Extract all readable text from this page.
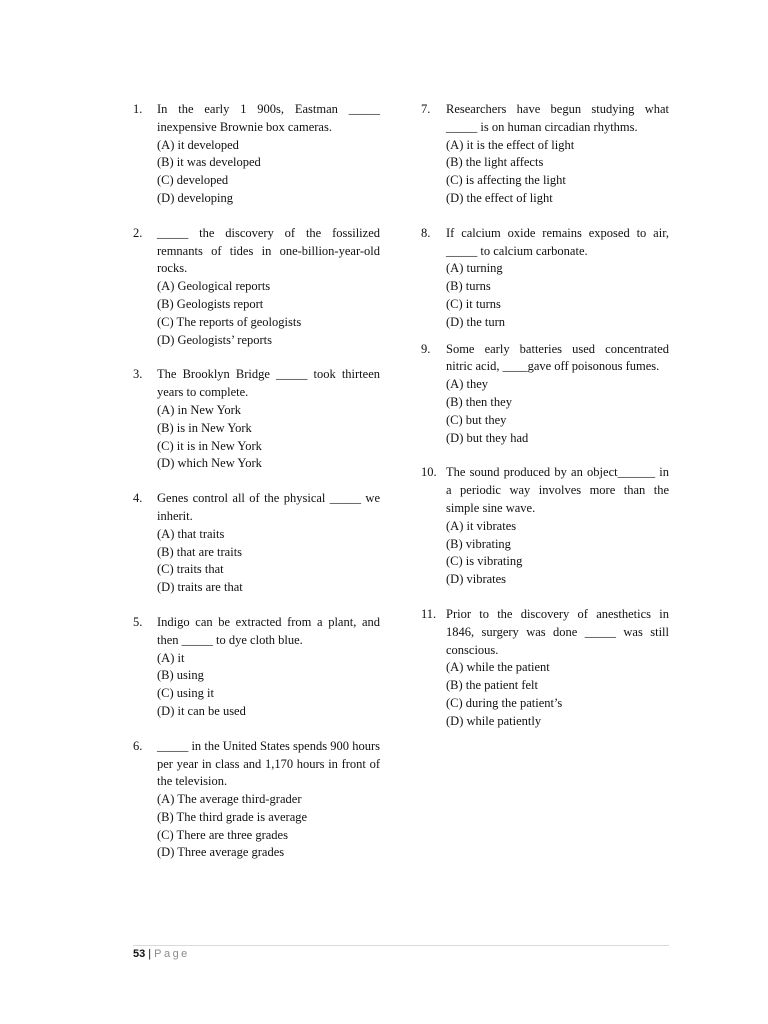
1.	In the early 1 900s, Eastman _____ inexpensive Brownie box cameras.
(A) it developed
(B) it was developed
(C) developed
(D) developing
2.	_____ the discovery of the fossilized remnants of tides in one-billion-year-old rocks.
(A) Geological reports
(B) Geologists report
(C) The reports of geologists
(D) Geologists’ reports
3.	The Brooklyn Bridge _____ took thirteen years to complete.
(A) in New York
(B) is in New York
(C) it is in New York
(D) which New York
4.	Genes control all of the physical _____ we inherit.
(A) that traits
(B) that are traits
(C) traits that
(D) traits are that
5.	Indigo can be extracted from a plant, and then _____ to dye cloth blue.
(A) it
(B) using
(C) using it
(D) it can be used
6.	_____ in the United States spends 900 hours per year in class and 1,170 hours in front of the television.
(A) The average third-grader
(B) The third grade is average
(C) There are three grades
(D) Three average grades
7.	Researchers have begun studying what _____ is on human circadian rhythms.
(A) it is the effect of light
(B) the light affects
(C) is affecting the light
(D) the effect of light
8.	If calcium oxide remains exposed to air, _____ to calcium carbonate.
(A) turning
(B) turns
(C) it turns
(D) the turn
9.	Some early batteries used concentrated nitric acid, ____gave off poisonous fumes.
(A) they
(B) then they
(C) but they
(D) but they had
10. The sound produced by an object______ in a periodic way involves more than the simple sine wave.
(A) it vibrates
(B) vibrating
(C) is vibrating
(D) vibrates
11. Prior to the discovery of anesthetics in 1846, surgery was done _____ was still conscious.
(A) while the patient
(B) the patient felt
(C) during the patient’s
(D) while patiently
53 | Page
